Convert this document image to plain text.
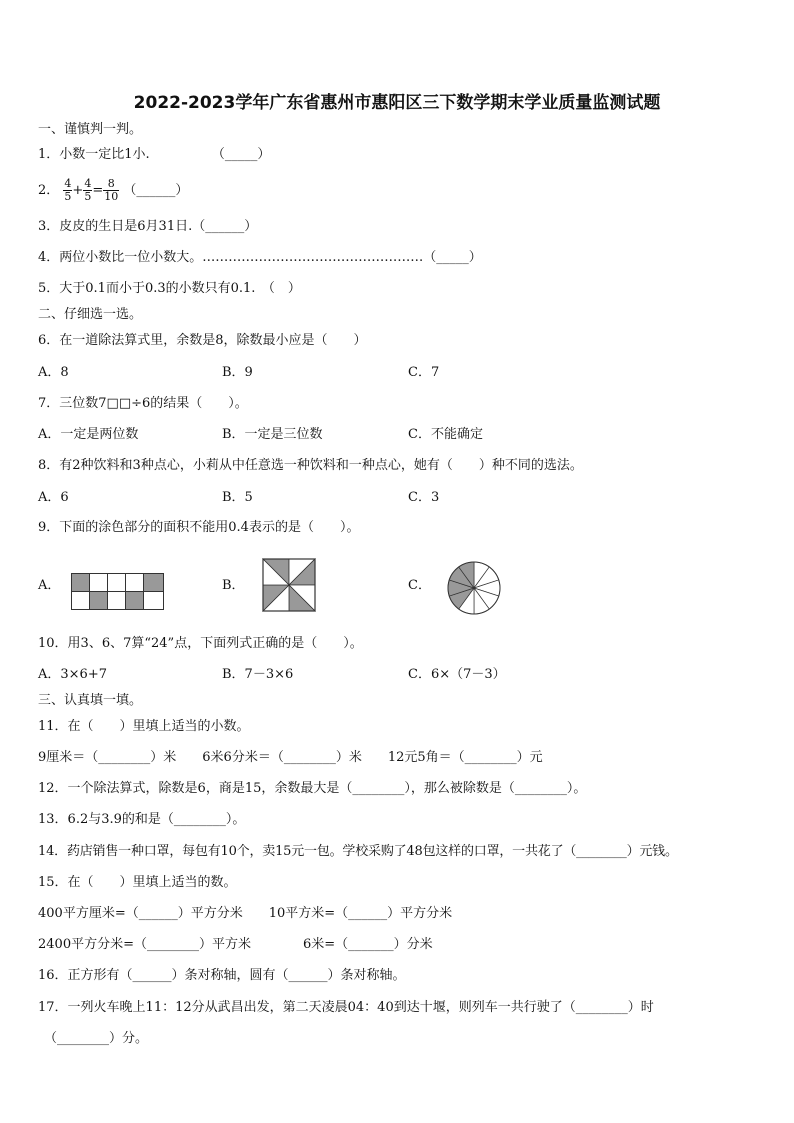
2022-2023学年广东省惠州市惠阳区三下数学期末学业质量监测试题
一、谨慎判一判。
1．小数一定比1小.	（_____）
2． $\frac{4}{5} + \frac{4}{5} = \frac{8}{10}$ （______）
3．皮皮的生日是6月31日.（______）
4．两位小数比一位小数大。……………………………………………（_____）
5．大于0.1而小于0.3的小数只有0.1.　（　）
二、仔细选一选。
6．在一道除法算式里，余数是8，除数最小应是（　　）
A．8	B．9	C．7
7．三位数7□□÷6的结果（　　）。
A．一定是两位数	B．一定是三位数	C．不能确定
8．有2种饮料和3种点心，小莉从中任意选一种饮料和一种点心，她有（　　）种不同的选法。
A．6	B．5	C．3
9．下面的涂色部分的面积不能用0.4表示的是（　　）。
A．	B．	C．
10．用3、6、7算“24”点，下面列式正确的是（　　）。
A．3×6+7	B．7－3×6	C．6×（7－3）
三、认真填一填。
11．在（　　）里填上适当的小数。
9厘米＝（________）米　　6米6分米＝（________）米　　12元5角＝（________）元
12．一个除法算式，除数是6，商是15，余数最大是（________），那么被除数是（________）。
13．6.2与3.9的和是（________）。
14．药店销售一种口罩，每包有10个，卖15元一包。学校采购了48包这样的口罩，一共花了（________）元钱。
15．在（　　）里填上适当的数。
400平方厘米=（______）平方分米　　10平方米=（______）平方分米
2400平方分米=（________）平方米　　　　6米=（_______）分米
16．正方形有（______）条对称轴，圆有（______）条对称轴。
17．一列火车晚上11：12分从武昌出发，第二天凌晨04：40到达十堰，则列车一共行驶了（________）时
（________）分。
